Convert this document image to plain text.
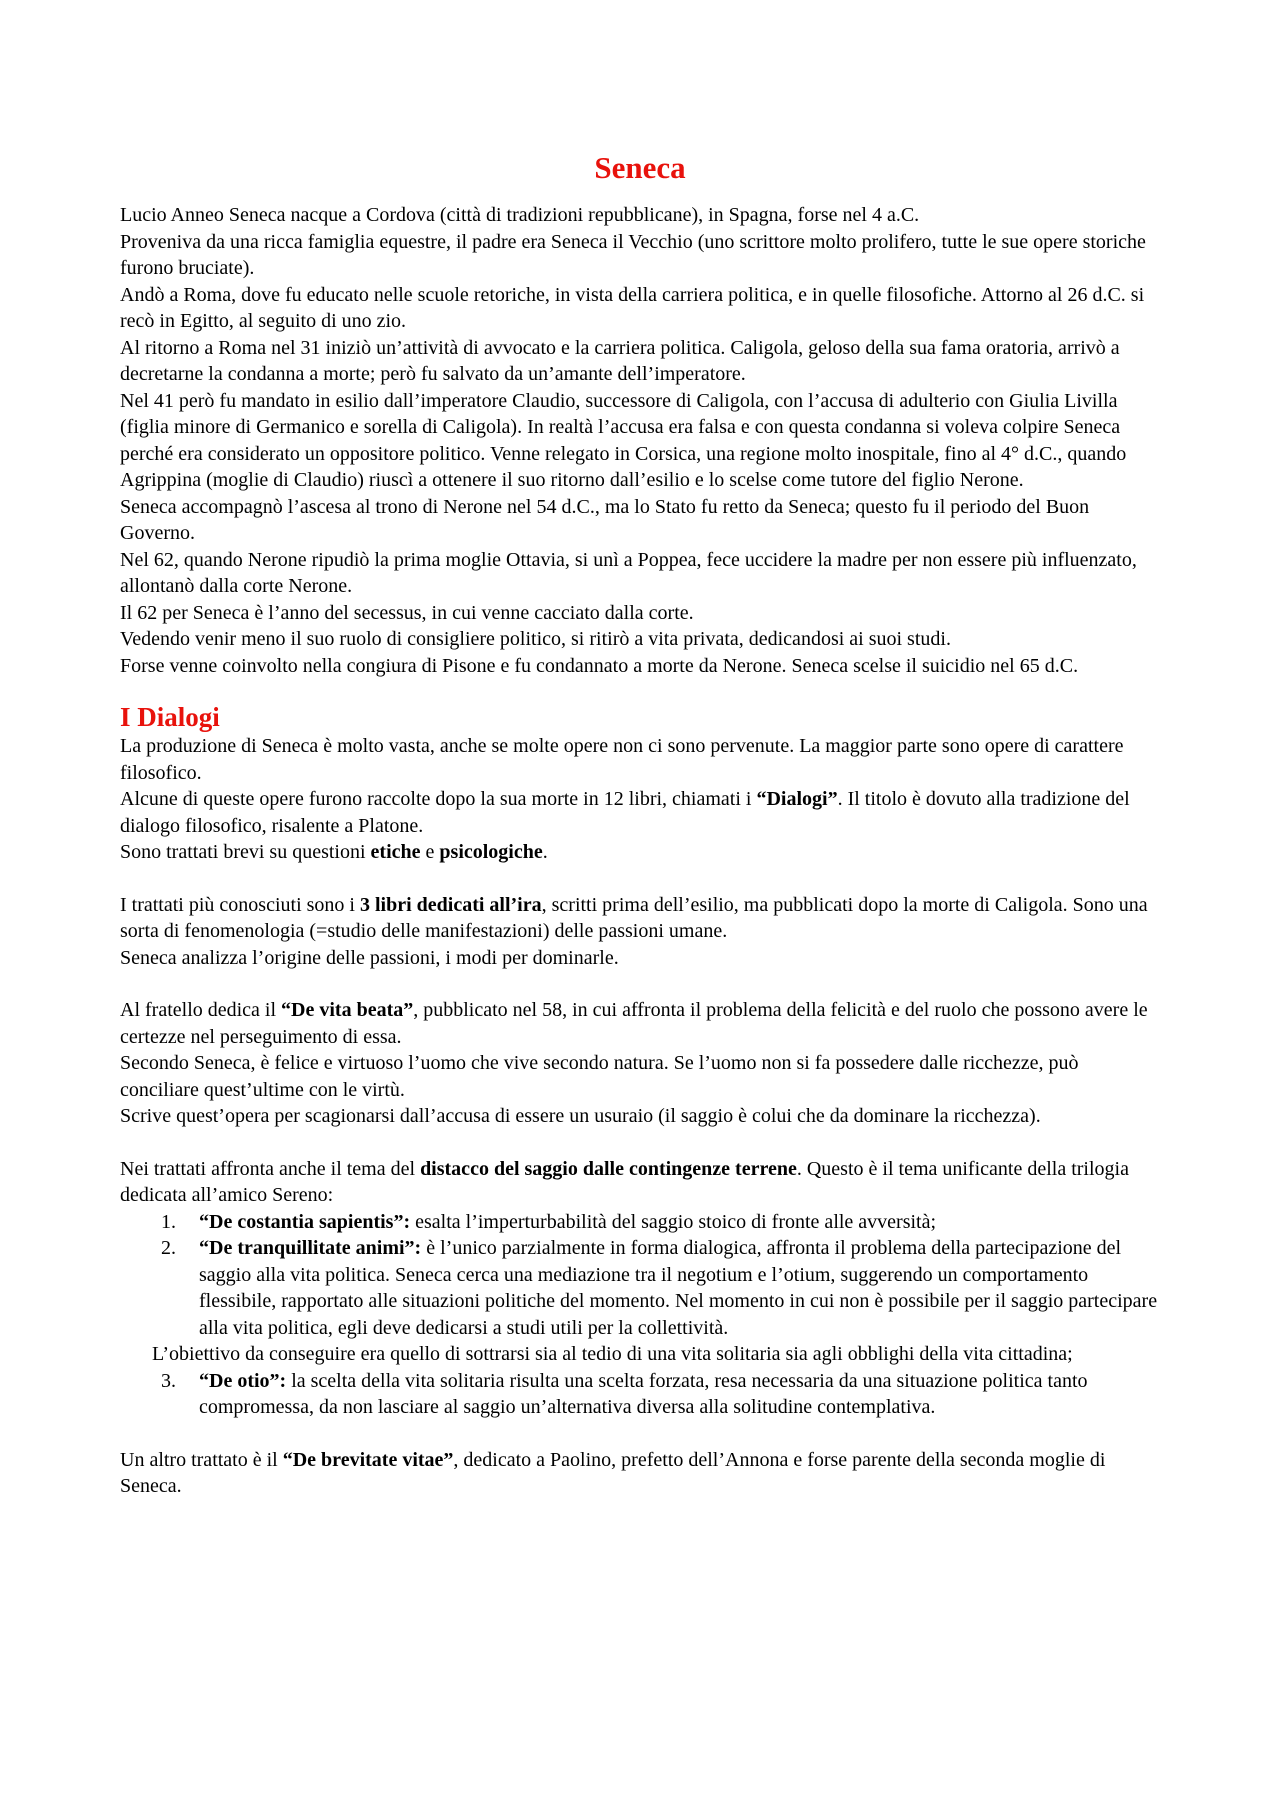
Seneca

Lucio Anneo Seneca nacque a Cordova (città di tradizioni repubblicane), in Spagna, forse nel 4 a.C.

Proveniva da una ricca famiglia equestre, il padre era Seneca il Vecchio (uno scrittore molto prolifero, tutte le sue opere storiche furono bruciate).

Andò a Roma, dove fu educato nelle scuole retoriche, in vista della carriera politica, e in quelle filosofiche. Attorno al 26 d.C. si recò in Egitto, al seguito di uno zio.

Al ritorno a Roma nel 31 iniziò un’attività di avvocato e la carriera politica. Caligola, geloso della sua fama oratoria, arrivò a decretarne la condanna a morte; però fu salvato da un’amante dell’imperatore.

Nel 41 però fu mandato in esilio dall’imperatore Claudio, successore di Caligola, con l’accusa di adulterio con Giulia Livilla (figlia minore di Germanico e sorella di Caligola). In realtà l’accusa era falsa e con questa condanna si voleva colpire Seneca perché era considerato un oppositore politico. Venne relegato in Corsica, una regione molto inospitale, fino al 4° d.C., quando Agrippina (moglie di Claudio) riuscì a ottenere il suo ritorno dall’esilio e lo scelse come tutore del figlio Nerone.

Seneca accompagnò l’ascesa al trono di Nerone nel 54 d.C., ma lo Stato fu retto da Seneca; questo fu il periodo del Buon Governo.

Nel 62, quando Nerone ripudiò la prima moglie Ottavia, si unì a Poppea, fece uccidere la madre per non essere più influenzato, allontanò dalla corte Nerone.

Il 62 per Seneca è l’anno del secessus, in cui venne cacciato dalla corte.

Vedendo venir meno il suo ruolo di consigliere politico, si ritirò a vita privata, dedicandosi ai suoi studi.

Forse venne coinvolto nella congiura di Pisone e fu condannato a morte da Nerone. Seneca scelse il suicidio nel 65 d.C.

I Dialogi

La produzione di Seneca è molto vasta, anche se molte opere non ci sono pervenute. La maggior parte sono opere di carattere filosofico.

Alcune di queste opere furono raccolte dopo la sua morte in 12 libri, chiamati i “Dialogi”. Il titolo è dovuto alla tradizione del dialogo filosofico, risalente a Platone.

Sono trattati brevi su questioni etiche e psicologiche.

I trattati più conosciuti sono i 3 libri dedicati all’ira, scritti prima dell’esilio, ma pubblicati dopo la morte di Caligola. Sono una sorta di fenomenologia (=studio delle manifestazioni) delle passioni umane.

Seneca analizza l’origine delle passioni, i modi per dominarle.

Al fratello dedica il “De vita beata”, pubblicato nel 58, in cui affronta il problema della felicità e del ruolo che possono avere le certezze nel perseguimento di essa.

Secondo Seneca, è felice e virtuoso l’uomo che vive secondo natura. Se l’uomo non si fa possedere dalle ricchezze, può conciliare quest’ultime con le virtù.

Scrive quest’opera per scagionarsi dall’accusa di essere un usuraio (il saggio è colui che da dominare la ricchezza).

Nei trattati affronta anche il tema del distacco del saggio dalle contingenze terrene. Questo è il tema unificante della trilogia dedicata all’amico Sereno:

1. “De costantia sapientis”: esalta l’imperturbabilità del saggio stoico di fronte alle avversità;
2. “De tranquillitate animi”: è l’unico parzialmente in forma dialogica, affronta il problema della partecipazione del saggio alla vita politica. Seneca cerca una mediazione tra il negotium e l’otium, suggerendo un comportamento flessibile, rapportato alle situazioni politiche del momento. Nel momento in cui non è possibile per il saggio partecipare alla vita politica, egli deve dedicarsi a studi utili per la collettività.

L’obiettivo da conseguire era quello di sottrarsi sia al tedio di una vita solitaria sia agli obblighi della vita cittadina;

3. “De otio”: la scelta della vita solitaria risulta una scelta forzata, resa necessaria da una situazione politica tanto compromessa, da non lasciare al saggio un’alternativa diversa alla solitudine contemplativa.

Un altro trattato è il “De brevitate vitae”, dedicato a Paolino, prefetto dell’Annona e forse parente della seconda moglie di Seneca.
